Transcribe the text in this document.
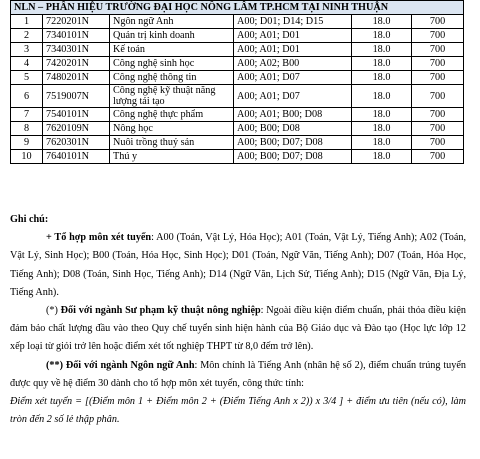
NLN – PHÂN HIỆU TRƯỜNG ĐẠI HỌC NÔNG LÂM TP.HCM TẠI NINH THUẬN					
1	7220201N	Ngôn ngữ Anh	A00; D01; D14; D15	18.0	700
2	7340101N	Quản trị kinh doanh	A00; A01; D01	18.0	700
3	7340301N	Kế toán	A00; A01; D01	18.0	700
4	7420201N	Công nghệ sinh học	A00; A02; B00	18.0	700
5	7480201N	Công nghệ thông tin	A00; A01; D07	18.0	700
6	7519007N	Công nghệ kỹ thuật năng lượng tái tạo	A00; A01; D07	18.0	700
7	7540101N	Công nghệ thực phẩm	A00; A01; B00; D08	18.0	700
8	7620109N	Nông học	A00; B00; D08	18.0	700
9	7620301N	Nuôi trồng thuỷ sản	A00; B00; D07; D08	18.0	700
10	7640101N	Thú y	A00; B00; D07; D08	18.0	700

Ghi chú:

+ Tổ hợp môn xét tuyển: A00 (Toán, Vật Lý, Hóa Học); A01 (Toán, Vật Lý, Tiếng Anh); A02 (Toán, Vật Lý, Sinh Học); B00 (Toán, Hóa Học, Sinh Học); D01 (Toán, Ngữ Văn, Tiếng Anh); D07 (Toán, Hóa Học, Tiếng Anh); D08 (Toán, Sinh Học, Tiếng Anh); D14 (Ngữ Văn, Lịch Sử, Tiếng Anh); D15 (Ngữ Văn, Địa Lý, Tiếng Anh).

(*) Đối với ngành Sư phạm kỹ thuật nông nghiệp: Ngoài điều kiện điểm chuẩn, phải thỏa điều kiện đảm bảo chất lượng đầu vào theo Quy chế tuyển sinh hiện hành của Bộ Giáo dục và Đào tạo (Học lực lớp 12 xếp loại từ giỏi trở lên hoặc điểm xét tốt nghiệp THPT từ 8,0 đếm trở lên).

(**) Đối với ngành Ngôn ngữ Anh: Môn chính là Tiếng Anh (nhân hệ số 2), điểm chuẩn trúng tuyển được quy về hệ điểm 30 dành cho tổ hợp môn xét tuyển, công thức tính:

Điểm xét tuyển = [(Điểm môn 1 + Điểm môn 2 + (Điểm Tiếng Anh x 2)) x 3/4 ] + điểm ưu tiên (nếu có), làm tròn đến 2 số lẻ thập phân.
